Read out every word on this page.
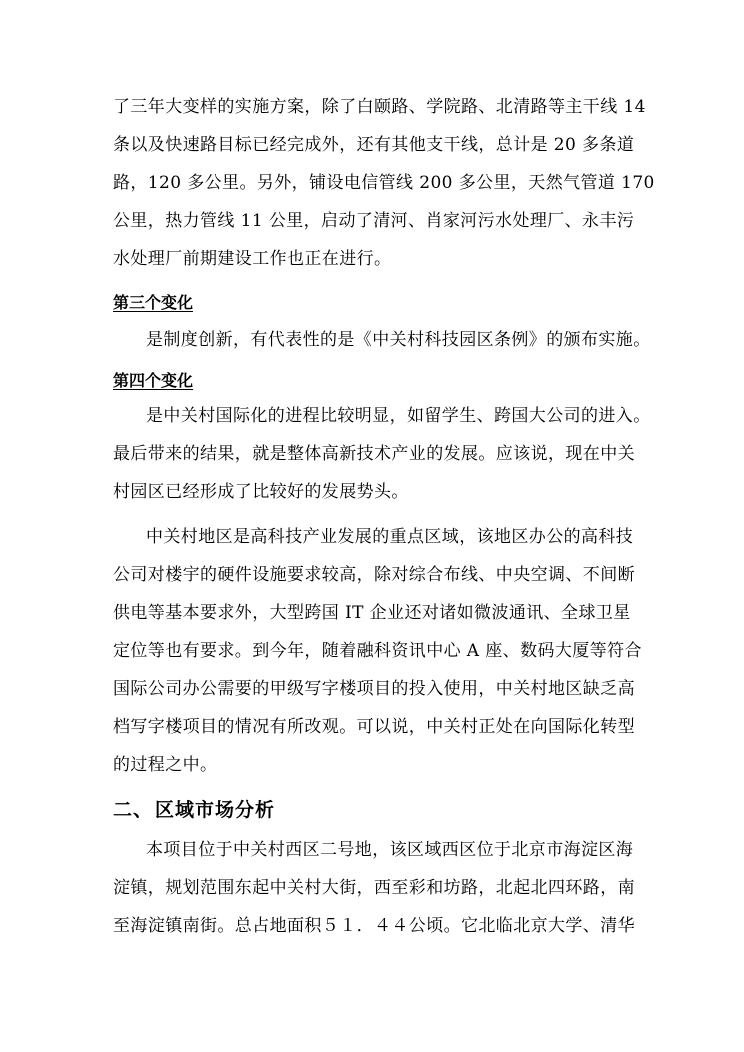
了三年大变样的实施方案，除了白颐路、学院路、北清路等主干线 14
条以及快速路目标已经完成外，还有其他支干线，总计是 20 多条道
路，120 多公里。另外，铺设电信管线 200 多公里，天然气管道 170
公里，热力管线 11 公里，启动了清河、肖家河污水处理厂、永丰污
水处理厂前期建设工作也正在进行。
第三个变化
是制度创新，有代表性的是《中关村科技园区条例》的颁布实施。
第四个变化
是中关村国际化的进程比较明显，如留学生、跨国大公司的进入。
最后带来的结果，就是整体高新技术产业的发展。应该说，现在中关
村园区已经形成了比较好的发展势头。
中关村地区是高科技产业发展的重点区域，该地区办公的高科技
公司对楼宇的硬件设施要求较高，除对综合布线、中央空调、不间断
供电等基本要求外，大型跨国 IT 企业还对诸如微波通讯、全球卫星
定位等也有要求。到今年，随着融科资讯中心 A 座、数码大厦等符合
国际公司办公需要的甲级写字楼项目的投入使用，中关村地区缺乏高
档写字楼项目的情况有所改观。可以说，中关村正处在向国际化转型
的过程之中。
二、 区域市场分析
本项目位于中关村西区二号地，该区域西区位于北京市海淀区海
淀镇，规划范围东起中关村大街，西至彩和坊路，北起北四环路，南
至海淀镇南街。总占地面积５１．４４公顷。它北临北京大学、清华
